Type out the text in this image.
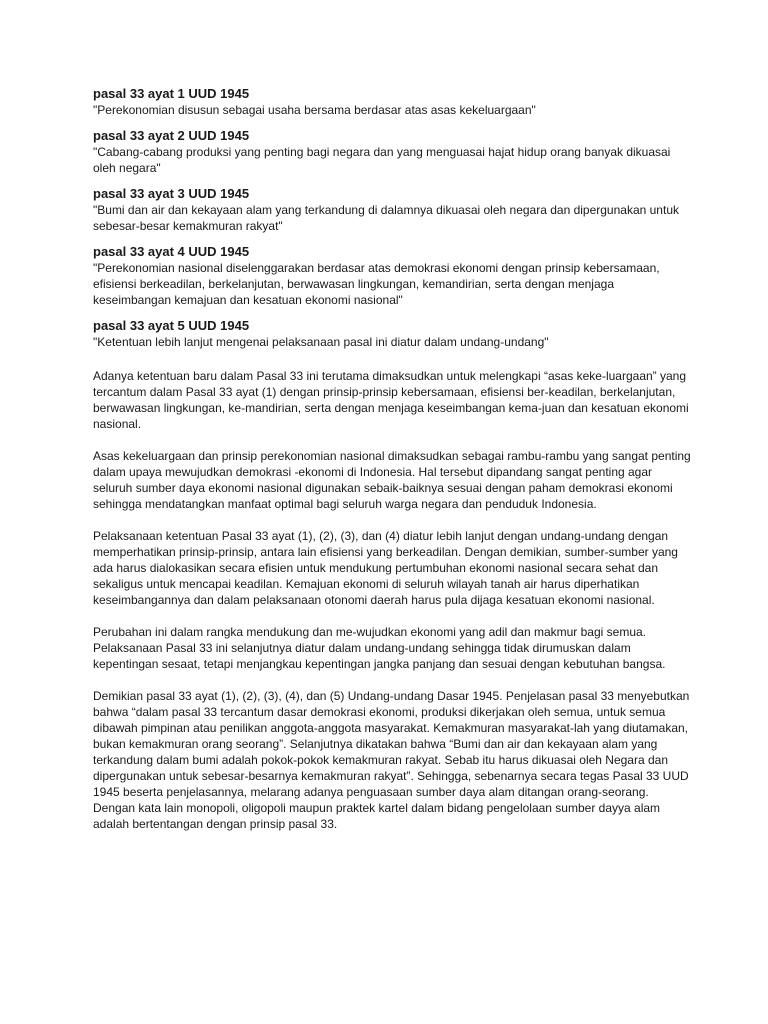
pasal 33 ayat 1 UUD 1945

"Perekonomian disusun sebagai usaha bersama berdasar atas asas kekeluargaan"

pasal 33 ayat 2 UUD 1945

"Cabang-cabang produksi yang penting bagi negara dan yang menguasai hajat hidup orang banyak dikuasai oleh negara"

pasal 33 ayat 3 UUD 1945

"Bumi dan air dan kekayaan alam yang terkandung di dalamnya dikuasai oleh negara dan dipergunakan untuk sebesar-besar kemakmuran rakyat"

pasal 33 ayat 4 UUD 1945

"Perekonomian nasional diselenggarakan berdasar atas demokrasi ekonomi dengan prinsip kebersamaan, efisiensi berkeadilan, berkelanjutan, berwawasan lingkungan, kemandirian, serta dengan menjaga keseimbangan kemajuan dan kesatuan ekonomi nasional"

pasal 33 ayat 5 UUD 1945

"Ketentuan lebih lanjut mengenai pelaksanaan pasal ini diatur dalam undang-undang"

Adanya ketentuan baru dalam Pasal 33 ini terutama dimaksudkan untuk melengkapi “asas keke-luargaan” yang tercantum dalam Pasal 33 ayat (1) dengan prinsip-prinsip kebersamaan, efisiensi ber-keadilan, berkelanjutan, berwawasan lingkungan, ke-mandirian, serta dengan menjaga keseimbangan kema-juan dan kesatuan ekonomi nasional.

Asas kekeluargaan dan prinsip perekonomian nasional dimaksudkan sebagai rambu-rambu yang sangat penting dalam upaya mewujudkan demokrasi -ekonomi di Indonesia. Hal tersebut dipandang sangat penting agar seluruh sumber daya ekonomi nasional digunakan sebaik-baiknya sesuai dengan paham demokrasi ekonomi sehingga mendatangkan manfaat optimal bagi seluruh warga negara dan penduduk Indonesia.

Pelaksanaan ketentuan Pasal 33 ayat (1), (2), (3), dan (4) diatur lebih lanjut dengan undang-undang dengan memperhatikan prinsip-prinsip, antara lain efisiensi yang berkeadilan. Dengan demikian, sumber-sumber yang ada harus dialokasikan secara efisien untuk mendukung pertumbuhan ekonomi nasional secara sehat dan sekaligus untuk mencapai keadilan. Kemajuan ekonomi di seluruh wilayah tanah air harus diperhatikan keseimbangannya dan dalam pelaksanaan otonomi daerah harus pula dijaga kesatuan ekonomi nasional.

Perubahan ini dalam rangka mendukung dan me-wujudkan ekonomi yang adil dan makmur bagi semua. Pelaksanaan Pasal 33 ini selanjutnya diatur dalam undang-undang sehingga tidak dirumuskan dalam kepentingan sesaat, tetapi menjangkau kepentingan jangka panjang dan sesuai dengan kebutuhan bangsa.

Demikian pasal 33 ayat (1), (2), (3), (4), dan (5) Undang-undang Dasar 1945. Penjelasan pasal 33 menyebutkan bahwa “dalam pasal 33 tercantum dasar demokrasi ekonomi, produksi dikerjakan oleh semua, untuk semua dibawah pimpinan atau penilikan anggota-anggota masyarakat. Kemakmuran masyarakat-lah yang diutamakan, bukan kemakmuran orang seorang”. Selanjutnya dikatakan bahwa “Bumi dan air dan kekayaan alam yang terkandung dalam bumi adalah pokok-pokok kemakmuran rakyat. Sebab itu harus dikuasai oleh Negara dan dipergunakan untuk sebesar-besarnya kemakmuran rakyat”. Sehingga, sebenarnya secara tegas Pasal 33 UUD 1945 beserta penjelasannya, melarang adanya penguasaan sumber daya alam ditangan orang-seorang. Dengan kata lain monopoli, oligopoli maupun praktek kartel dalam bidang pengelolaan sumber dayya alam adalah bertentangan dengan prinsip pasal 33.
